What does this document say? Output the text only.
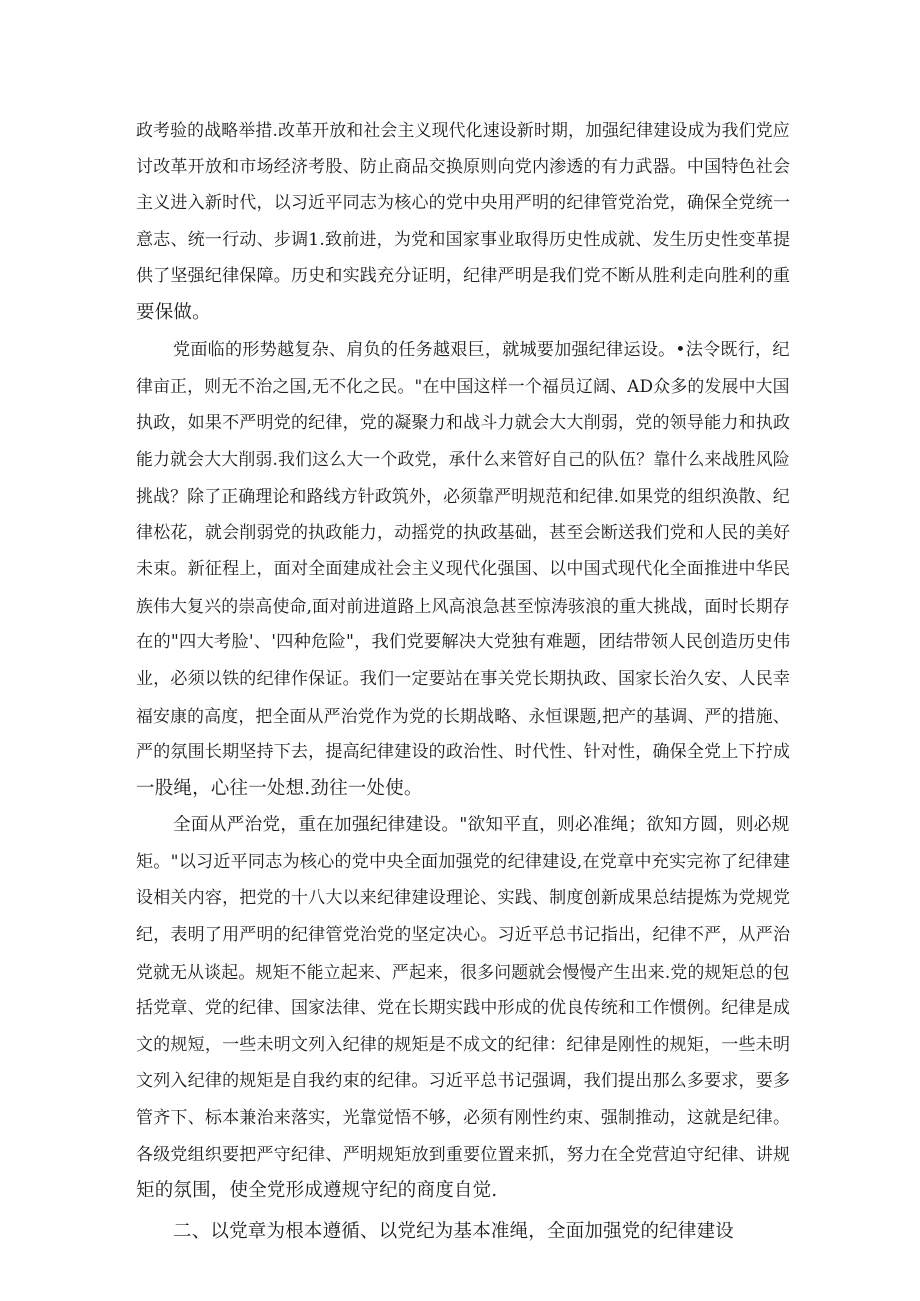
政考验的战略举措.改革开放和社会主义现代化速设新时期，加强纪律建设成为我们党应
讨改革开放和市场经济考股、防止商品交换原则向党内渗透的有力武器。中国特色社会
主义进入新时代，以习近平同志为核心的党中央用严明的纪律管党治党，确保全党统一
意志、统一行动、步调1.致前进，为党和国家事业取得历史性成就、发生历史性变革提
供了坚强纪律保障。历史和实践充分证明，纪律严明是我们党不断从胜利走向胜利的重
要保做。
党面临的形势越复杂、肩负的任务越艰巨，就城要加强纪律运设。•法令既行，纪
律亩正，则无不治之国,无不化之民。"在中国这样一个福员辽阔、AD众多的发展中大国
执政，如果不严明党的纪律，党的凝聚力和战斗力就会大大削弱，党的领导能力和执政
能力就会大大削弱.我们这么大一个政党，承什么来管好自己的队伍？靠什么来战胜风险
挑战？除了正确理论和路线方针政筑外，必须靠严明规范和纪律.如果党的组织涣散、纪
律松花，就会削弱党的执政能力，动摇党的执政基础，甚至会断送我们党和人民的美好
未束。新征程上，面对全面建成社会主义现代化强国、以中国式现代化全面推进中华民
族伟大复兴的崇高使命,面对前进道路上风高浪急甚至惊涛骇浪的重大挑战，面时长期存
在的"四大考脸'、'四种危险"，我们党要解决大党独有难题，团结带领人民创造历史伟
业，必须以铁的纪律作保证。我们一定要站在事关党长期执政、国家长治久安、人民幸
福安康的高度，把全面从严治党作为党的长期战略、永恒课题,把产的基调、严的措施、
严的氛围长期坚持下去，提高纪律建设的政治性、时代性、针对性，确保全党上下拧成
一股绳，心往一处想.劲往一处使。
全面从严治党，重在加强纪律建设。"欲知平直，则必准绳；欲知方圆，则必规
矩。"以习近平同志为核心的党中央全面加强党的纪律建设,在党章中充实完祢了纪律建
设相关内容，把党的十八大以来纪律建设理论、实践、制度创新成果总结提炼为党规党
纪，表明了用严明的纪律管党治党的坚定决心。习近平总书记指出，纪律不严，从严治
党就无从谈起。规矩不能立起来、严起来，很多问题就会慢慢产生出来.党的规矩总的包
括党章、党的纪律、国家法律、党在长期实践中形成的优良传统和工作惯例。纪律是成
文的规短，一些未明文列入纪律的规矩是不成文的纪律：纪律是刚性的规矩，一些未明
文列入纪律的规矩是自我约束的纪律。习近平总书记强调，我们提出那么多要求，要多
管齐下、标本兼治来落实，光靠觉悟不够，必须有刚性约束、强制推动，这就是纪律。
各级党组织要把严守纪律、严明规矩放到重要位置来抓，努力在全党营迫守纪律、讲规
矩的氛围，使全党形成遵规守纪的商度自觉.
二、以党章为根本遵循、以党纪为基本准绳，全面加强党的纪律建设
